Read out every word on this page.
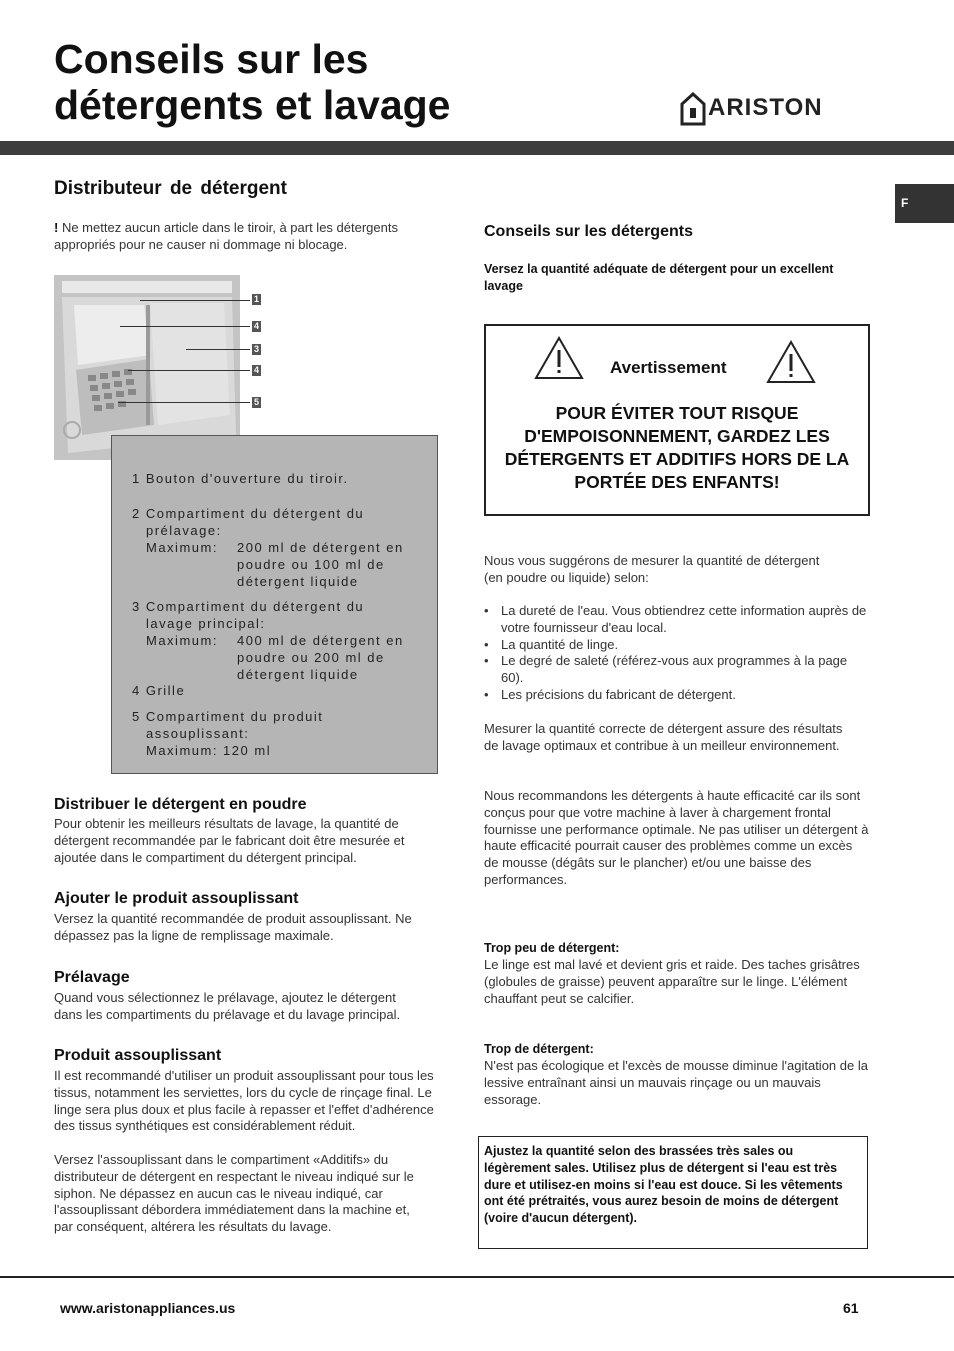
Conseils sur les
détergents et lavage	ARISTON
F
Distributeur de détergent

! Ne mettez aucun article dans le tiroir, à part les détergents appropriés pour ne causer ni dommage ni blocage.

1
4
3
4
5
1 Bouton d'ouverture du tiroir.
2 Compartiment du détergent du
prélavage:
Maximum: 200 ml de détergent en
poudre ou 100 ml de
détergent liquide
3 Compartiment du détergent du
lavage principal:
Maximum: 400 ml de détergent en
poudre ou 200 ml de
détergent liquide
4 Grille
5 Compartiment du produit
assouplissant:
Maximum: 120 ml
Distribuer le détergent en poudre

Pour obtenir les meilleurs résultats de lavage, la quantité de détergent recommandée par le fabricant doit être mesurée et ajoutée dans le compartiment du détergent principal.

Ajouter le produit assouplissant

Versez la quantité recommandée de produit assouplissant. Ne dépassez pas la ligne de remplissage maximale.

Prélavage

Quand vous sélectionnez le prélavage, ajoutez le détergent dans les compartiments du prélavage et du lavage principal.

Produit assouplissant

Il est recommandé d'utiliser un produit assouplissant pour tous les tissus, notamment les serviettes, lors du cycle de rinçage final. Le linge sera plus doux et plus facile à repasser et l'effet d'adhérence des tissus synthétiques est considérablement réduit.

Versez l'assouplissant dans le compartiment «Additifs» du distributeur de détergent en respectant le niveau indiqué sur le siphon. Ne dépassez en aucun cas le niveau indiqué, car l'assouplissant débordera immédiatement dans la machine et, par conséquent, altérera les résultats du lavage.

Conseils sur les détergents

Versez la quantité adéquate de détergent pour un excellent lavage

Avertissement
POUR ÉVITER TOUT RISQUE D'EMPOISONNEMENT, GARDEZ LES DÉTERGENTS ET ADDITIFS HORS DE LA PORTÉE DES ENFANTS!

Nous vous suggérons de mesurer la quantité de détergent (en poudre ou liquide) selon:

• La dureté de l'eau. Vous obtiendrez cette information auprès de votre fournisseur d'eau local.
• La quantité de linge.
• Le degré de saleté (référez-vous aux programmes à la page 60).
• Les précisions du fabricant de détergent.

Mesurer la quantité correcte de détergent assure des résultats de lavage optimaux et contribue à un meilleur environnement.

Nous recommandons les détergents à haute efficacité car ils sont conçus pour que votre machine à laver à chargement frontal fournisse une performance optimale. Ne pas utiliser un détergent à haute efficacité pourrait causer des problèmes comme un excès de mousse (dégâts sur le plancher) et/ou une baisse des performances.

Trop peu de détergent:

Le linge est mal lavé et devient gris et raide. Des taches grisâtres (globules de graisse) peuvent apparaître sur le linge. L'élément chauffant peut se calcifier.

Trop de détergent:

N'est pas écologique et l'excès de mousse diminue l'agitation de la lessive entraînant ainsi un mauvais rinçage ou un mauvais essorage.

Ajustez la quantité selon des brassées très sales ou légèrement sales. Utilisez plus de détergent si l'eau est très dure et utilisez-en moins si l'eau est douce. Si les vêtements ont été prétraités, vous aurez besoin de moins de détergent (voire d'aucun détergent).
www.aristonappliances.us	61
